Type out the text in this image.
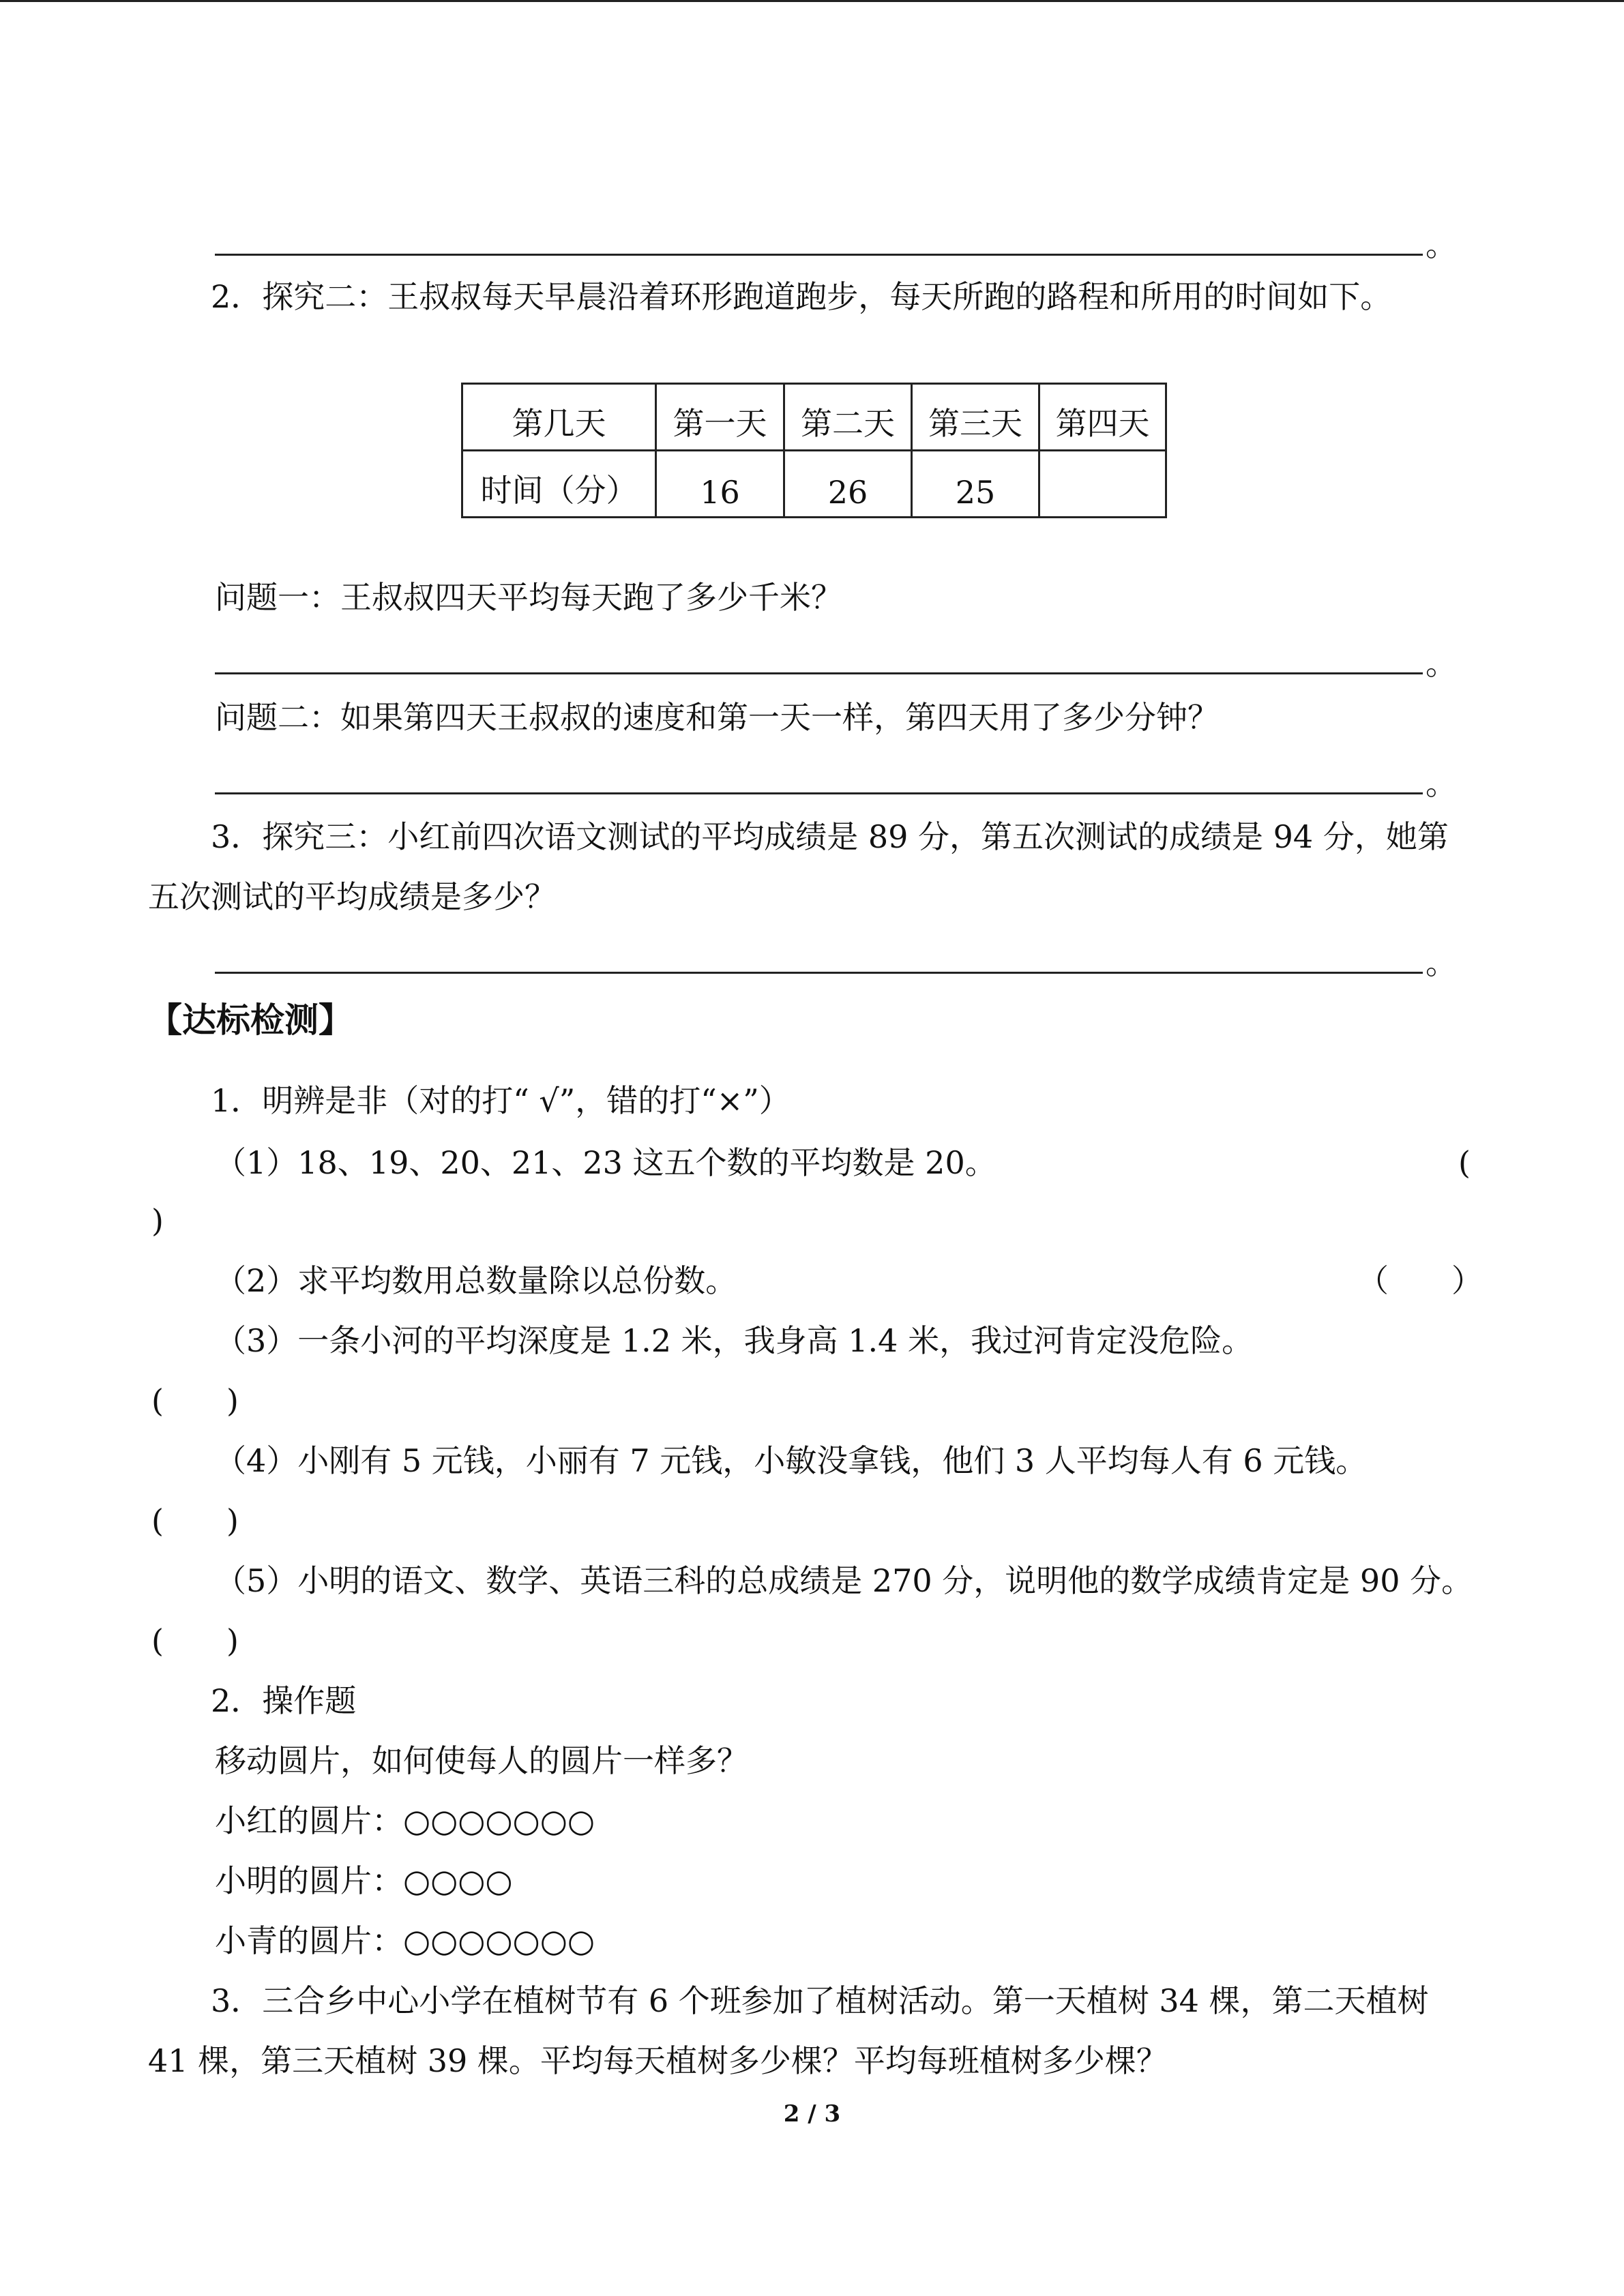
。
2．探究二：王叔叔每天早晨沿着环形跑道跑步，每天所跑的路程和所用的时间如下。
第几天	第一天	第二天	第三天	第四天
时间（分）	16	26	25	
问题一：王叔叔四天平均每天跑了多少千米？
。
问题二：如果第四天王叔叔的速度和第一天一样，第四天用了多少分钟？
。
3．探究三：小红前四次语文测试的平均成绩是 89 分，第五次测试的成绩是 94 分，她第
五次测试的平均成绩是多少？
。
【达标检测】
1．明辨是非（对的打“ √”，错的打“×”）
（1）18、19、20、21、23 这五个数的平均数是 20。	(
)
（2）求平均数用总数量除以总份数。	（　　）
（3）一条小河的平均深度是 1.2 米，我身高 1.4 米，我过河肯定没危险。
(　　)
（4）小刚有 5 元钱，小丽有 7 元钱，小敏没拿钱，他们 3 人平均每人有 6 元钱。
(　　)
（5）小明的语文、数学、英语三科的总成绩是 270 分，说明他的数学成绩肯定是 90 分。
(　　)
2．操作题
移动圆片，如何使每人的圆片一样多？
小红的圆片：○○○○○○○
小明的圆片：○○○○
小青的圆片：○○○○○○○
3．三合乡中心小学在植树节有 6 个班参加了植树活动。第一天植树 34 棵，第二天植树
41 棵，第三天植树 39 棵。平均每天植树多少棵？平均每班植树多少棵？
2 / 3
